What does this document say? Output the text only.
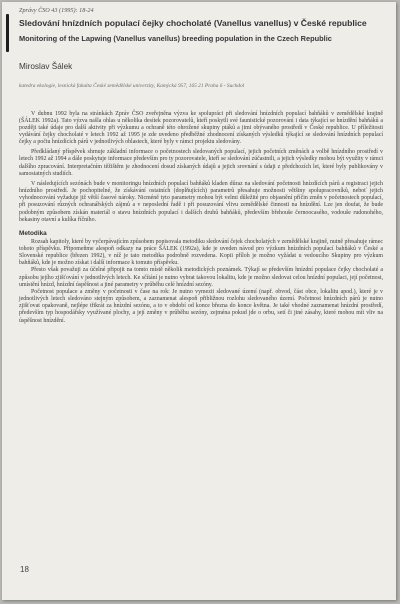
Zprávy ČSO 43 (1995): 18-24

Sledování hnízdních populací čejky chocholaté (Vanellus vanellus) v České republice

Monitoring of the Lapwing (Vanellus vanellus) breeding population in the Czech Republic

Miroslav Šálek

katedra ekologie, lesnická fakulta České zemědělské univerzity, Kamýcká 957, 165 21 Praha 6 - Suchdol

V dubnu 1992 byla na stránkách Zpráv ČSO zveřejněna výzva ke spolupráci při sledování hnízdních populací bahňáků v zemědělské krajině (ŠÁLEK 1992a). Tato výzva našla ohlas u několika desítek pozorovatelů, kteří poskytli své faunistické pozorování i data týkající se hnízdění bahňáků a později také údaje pro další aktivity při výzkumu a ochraně této ohrožené skupiny ptáků a jimi obývaného prostředí v České republice. U příležitosti vydávání čejky chocholaté v letech 1992 až 1995 je zde uvedeno předběžné zhodnocení získaných výsledků týkající se sledování hnízdních populací čejky a počtu hnízdících párů v jednotlivých oblastech, které byly v rámci projektu sledovány.

Předkládaný příspěvek shrnuje základní informace o početnostech sledovaných populací, jejich početních změnách a volbě hnízdního prostředí v letech 1992 až 1994 a dále poskytuje informace především pro ty pozorovatele, kteří se sledování zúčastnili, a jejich výsledky mohou být využity v rámci dalšího zpracování. Interpretačním těžištěm je zhodnocení dosud získaných údajů a jejich srovnání s údaji z předchozích let, které byly publikovány v samostatných studiích.

V následujících sezónách bude v monitoringu hnízdních populací bahňáků kladen důraz na sledování početnosti hnízdících párů a registraci jejich hnízdního prostředí. Je pochopitelné, že získávání ostatních (doplňujících) parametrů přesahuje možnosti většiny spolupracovníků, neboť jejich vyhodnocování vyžaduje již větší časové nároky. Nicméně tyto parametry mohou být velmi důležité pro objasnění příčin změn v početnostech populací, při posuzování různých ochranářských zájmů a v neposlední řadě i při posuzování vlivu zemědělské činnosti na hnízdění. Lze jen doufat, že bude podobným způsobem získán materiál o stavu hnízdních populací i dalších druhů bahňáků, především břehouše černoocasého, vodouše rudonohého, bekasiny otavní a kulíka říčního.

Metodika

Rozsah kapitoly, které by vyčerpávajícím způsobem popisovala metodiku sledování čejek chocholatých v zemědělské krajině, nutně přesahuje rámec tohoto příspěvku. Připomeňme alespoň odkazy na práce ŠÁLEK (1992a), kde je uveden návod pro výzkum hnízdních populací bahňáků v České a Slovenské republice (březen 1992), v níž je tato metodika podrobně rozvedena. Kopii příloh je možno vyžádat u vedoucího Skupiny pro výzkum bahňáků, kde je možno získat i další informace k tomuto příspěvku.

Přesto však považuji za účelné připojit na tomto místě několik metodických poznámek. Týkají se především hnízdní populace čejky chocholaté a způsobu jejího zjišťování v jednotlivých letech. Ke sčítání je nutno vybrat takovou lokalitu, kde je možno sledovat celou hnízdní populaci, její početnost, umístění hnízd, hnízdní úspěšnost a jiné parametry v průběhu celé hnízdní sezóny.

Početnost populace a změny v početnosti v čase na rok: Je nutno vymezit sledované území (např. obvod, část obce, lokalitu apod.), které je v jednotlivých letech sledováno stejným způsobem, a zaznamenat alespoň přibližnou rozlohu sledovaného území. Početnost hnízdních párů je nutno zjišťovat opakovaně, nejlépe třikrát za hnízdní sezónu, a to v období od konce března do konce května. Je také vhodné zaznamenat hnízdní prostředí, především typ hospodářsky využívané plochy, a její změny v průběhu sezóny, zejména pokud jde o orbu, setí či jiné zásahy, které mohou mít vliv na úspěšnost hnízdění.

18
